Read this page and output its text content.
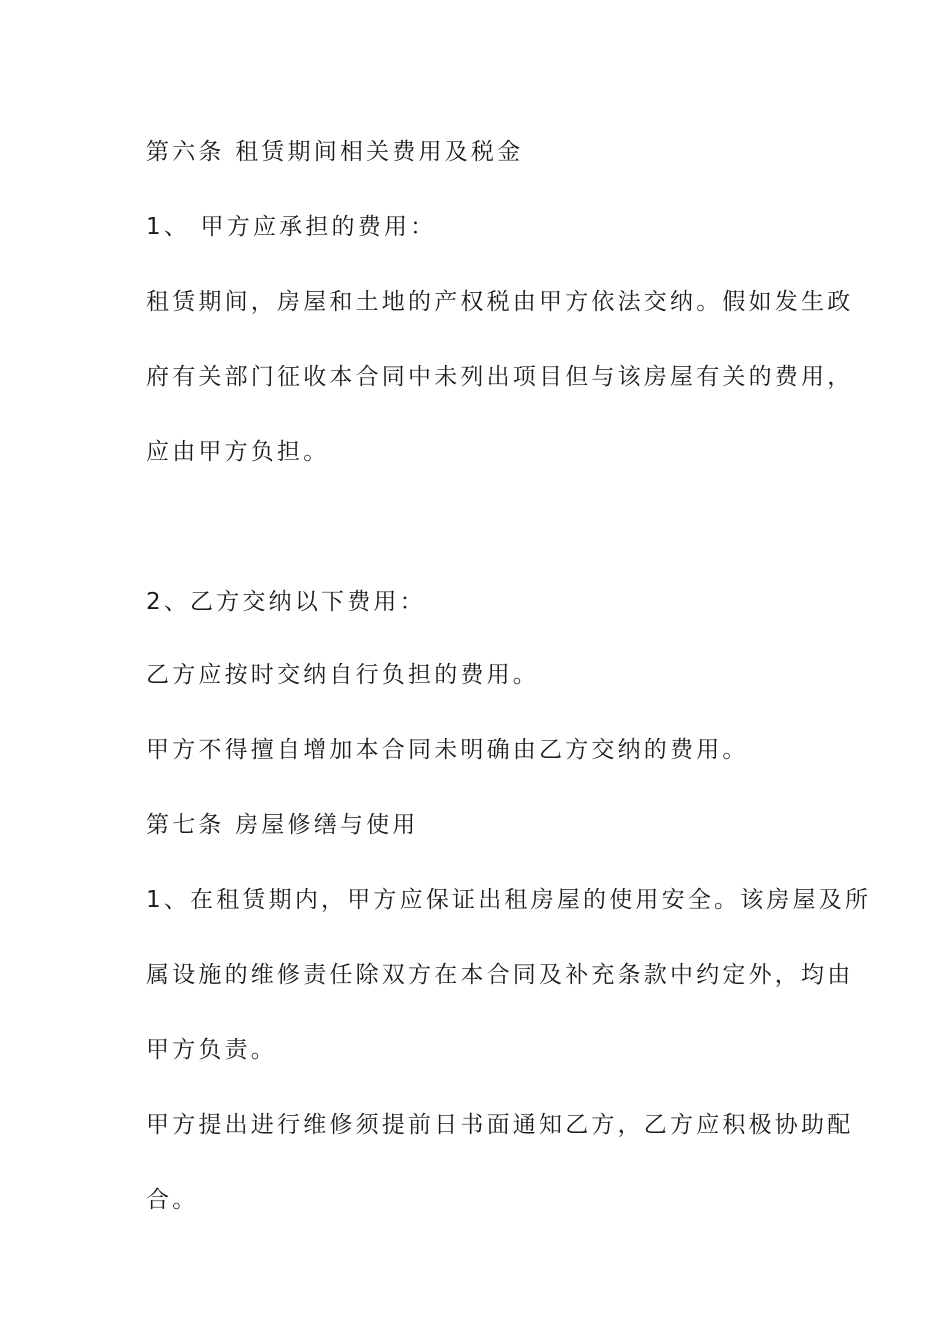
第六条 租赁期间相关费用及税金
1、 甲方应承担的费用：
租赁期间，房屋和土地的产权税由甲方依法交纳。假如发生政
府有关部门征收本合同中未列出项目但与该房屋有关的费用，
应由甲方负担。
2、乙方交纳以下费用：
乙方应按时交纳自行负担的费用。
甲方不得擅自增加本合同未明确由乙方交纳的费用。
第七条 房屋修缮与使用
1、在租赁期内，甲方应保证出租房屋的使用安全。该房屋及所
属设施的维修责任除双方在本合同及补充条款中约定外，均由
甲方负责。
甲方提出进行维修须提前日书面通知乙方，乙方应积极协助配
合。
